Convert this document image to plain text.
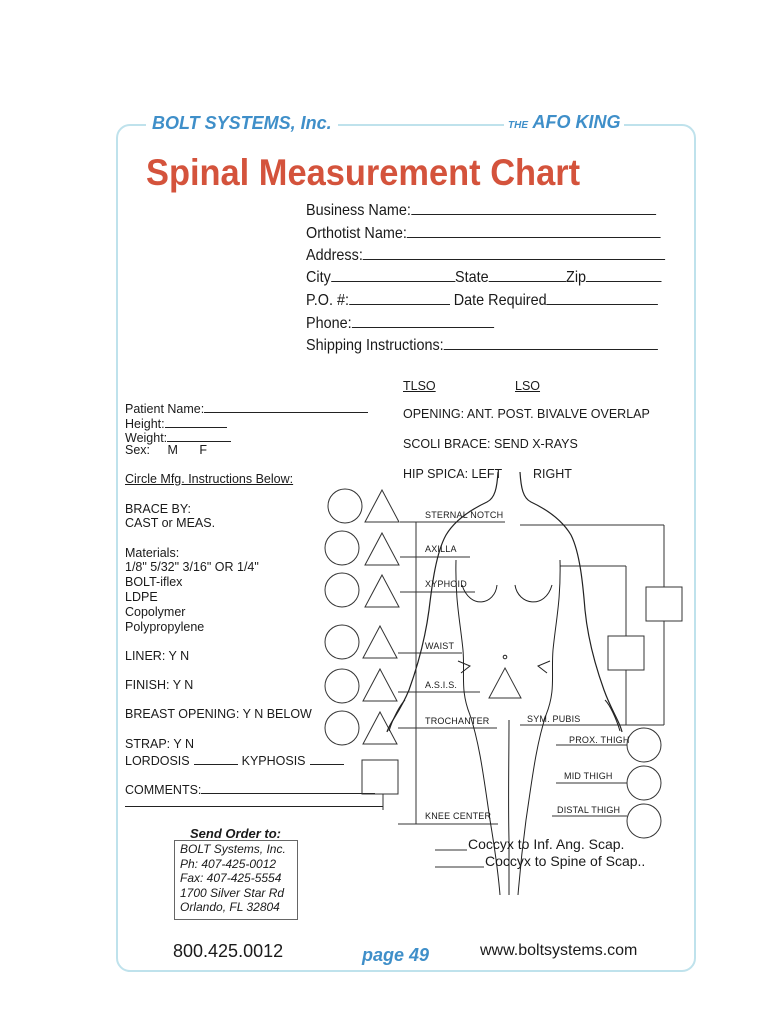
BOLT SYSTEMS, Inc.	THE AFO KING
Spinal Measurement Chart
Business Name:
Orthotist Name:
Address:
City	State	Zip
P.O. #:	Date Required
Phone:
Shipping Instructions:
TLSO	LSO
OPENING: ANT. POST. BIVALVE OVERLAP
SCOLI BRACE: SEND X-RAYS
HIP SPICA: LEFT RIGHT
Patient Name:
Height:
Weight:
Sex: M F
Circle Mfg. Instructions Below:
BRACE BY:
CAST or MEAS.
Materials:
1/8" 5/32" 3/16" OR 1/4"
BOLT-iflex
LDPE
Copolymer
Polypropylene
LINER: Y N
FINISH: Y N
BREAST OPENING: Y N BELOW
STRAP: Y N
LORDOSIS	KYPHOSIS
COMMENTS:
STERNAL NOTCH
AXILLA
XYPHOID
WAIST
A.S.I.S.
TROCHANTER	SYM. PUBIS
PROX. THIGH
MID THIGH
DISTAL THIGH
KNEE CENTER
Coccyx to Inf. Ang. Scap.
Coccyx to Spine of Scap..
Send Order to:
BOLT Systems, Inc.
Ph: 407-425-0012
Fax: 407-425-5554
1700 Silver Star Rd
Orlando, FL 32804
800.425.0012	page 49	www.boltsystems.com
